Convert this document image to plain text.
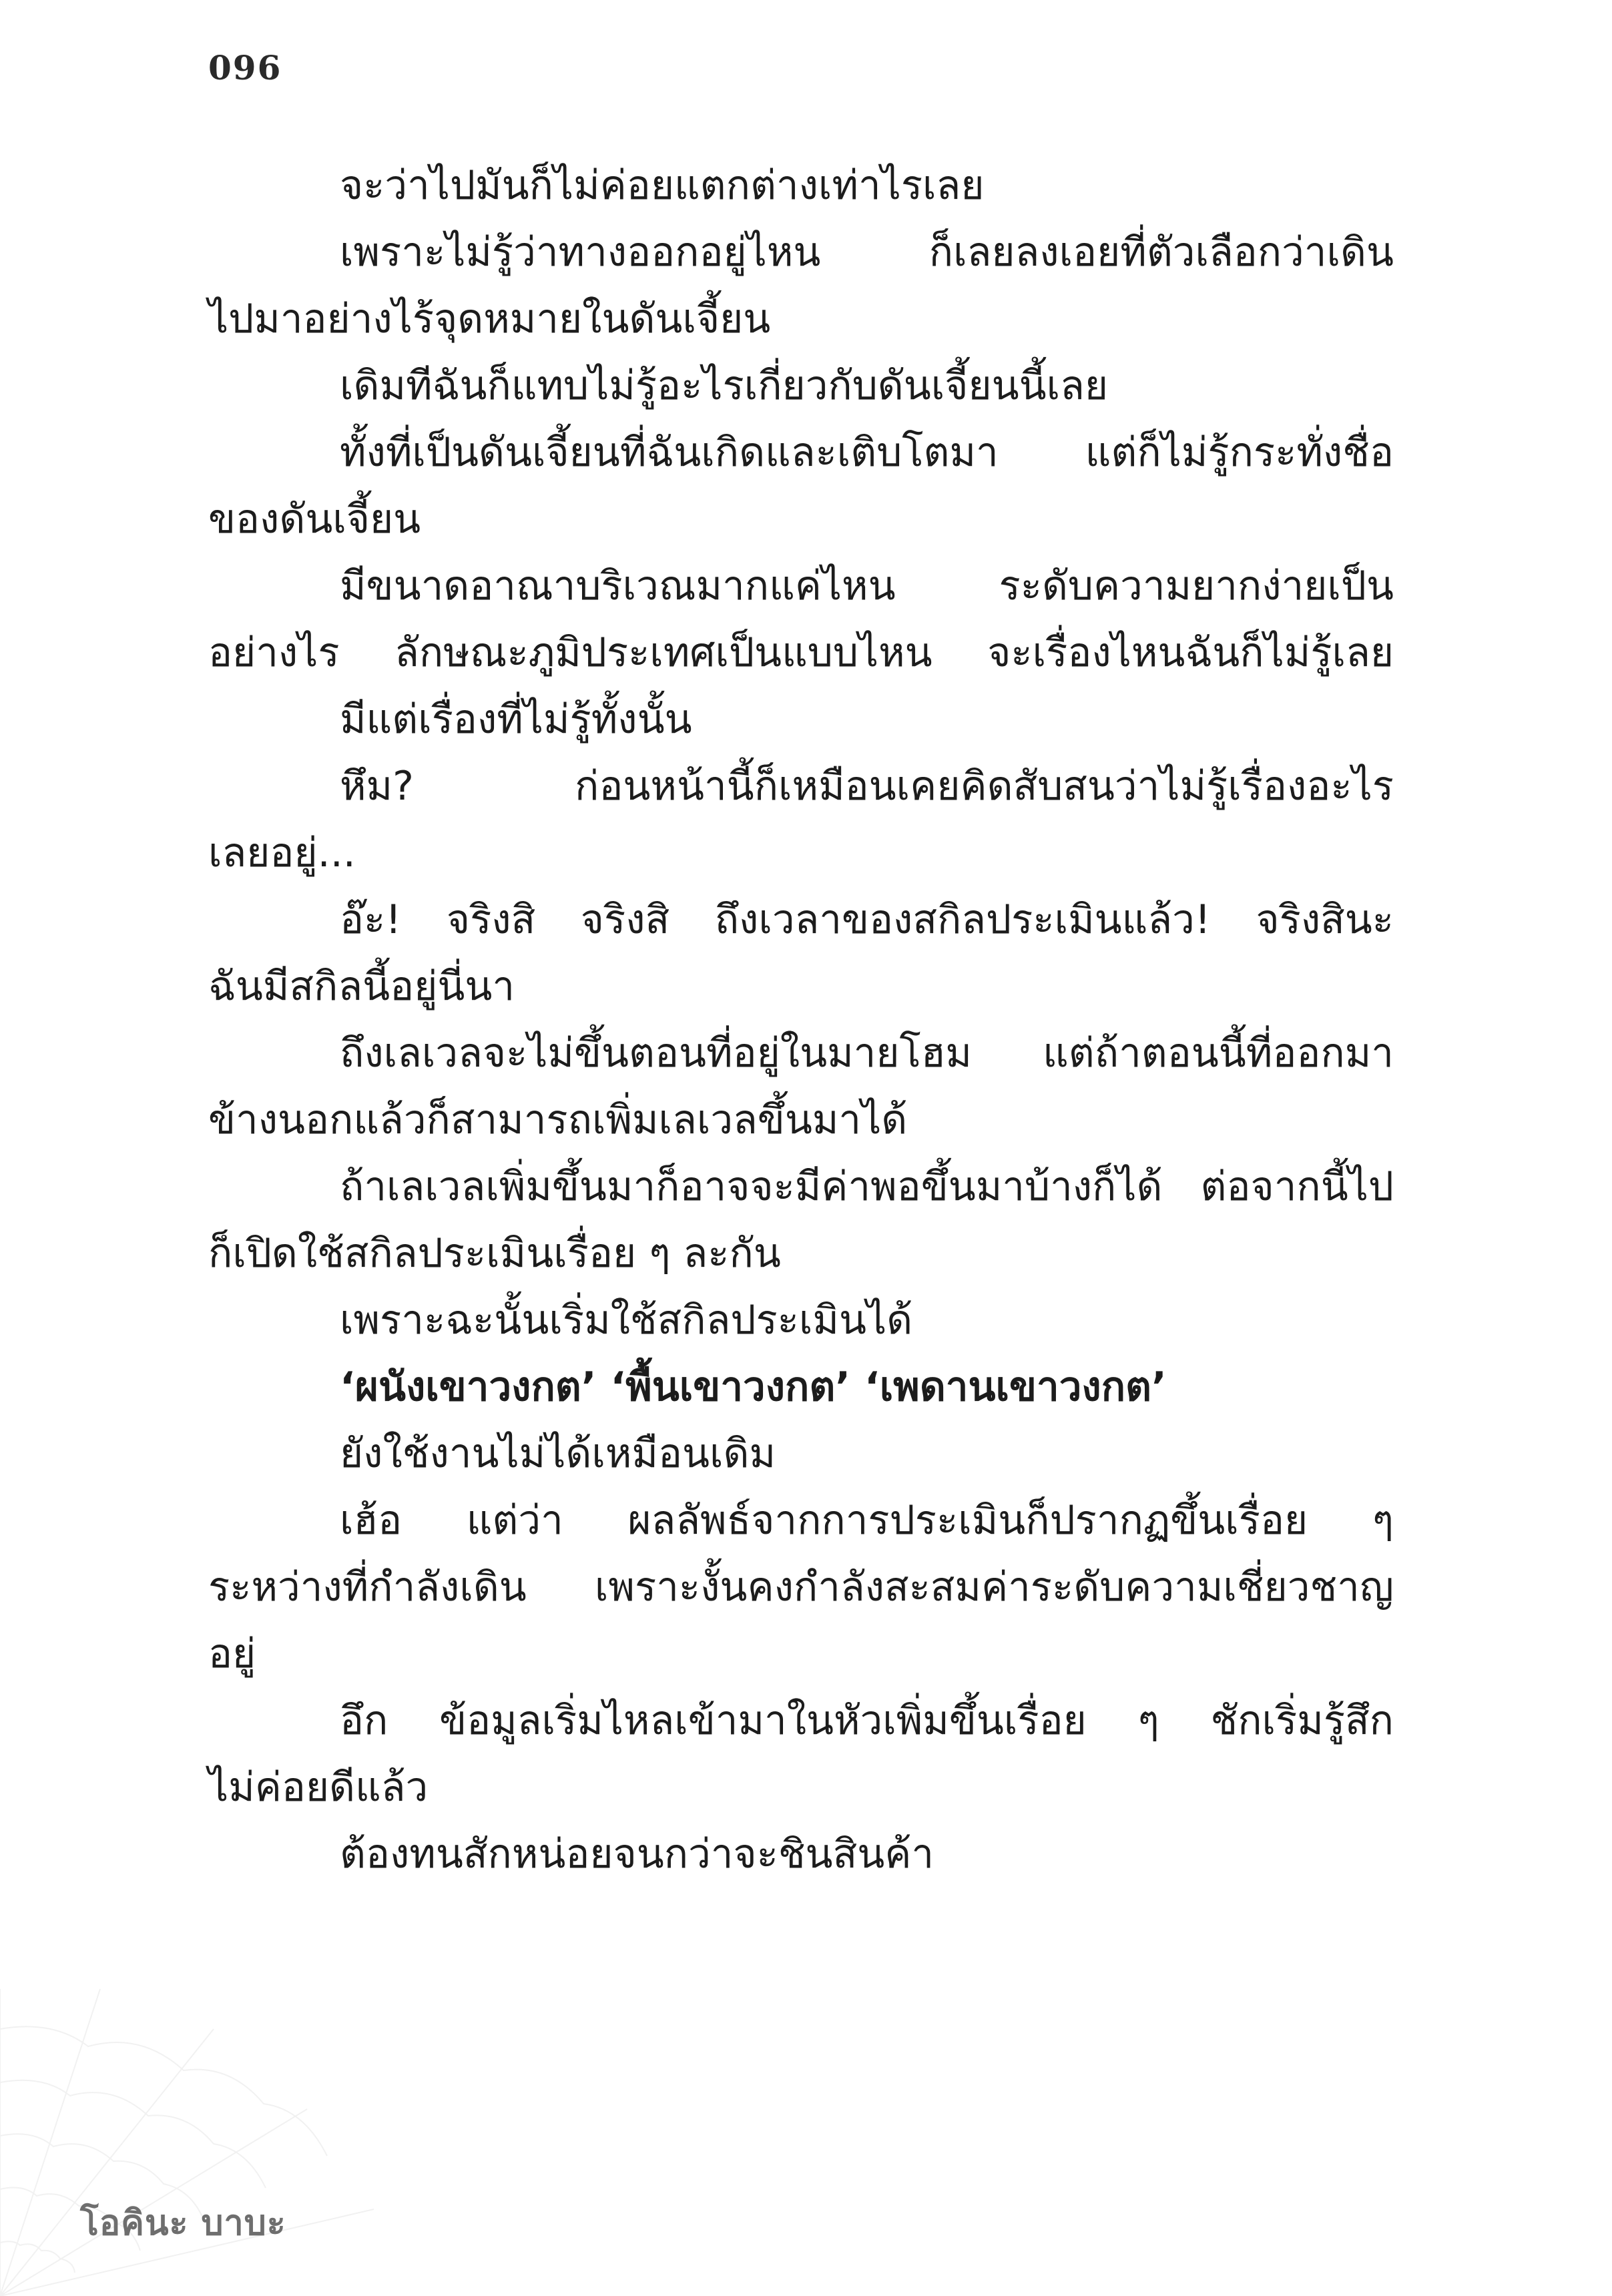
096
จะว่าไปมันก็ไม่ค่อยแตกต่างเท่าไรเลย
เพราะไม่รู้ว่าทางออกอยู่ไหน ก็เลยลงเอยที่ตัวเลือกว่าเดิน
ไปมาอย่างไร้จุดหมายในดันเจี้ยน
เดิมทีฉันก็แทบไม่รู้อะไรเกี่ยวกับดันเจี้ยนนี้เลย
ทั้งที่เป็นดันเจี้ยนที่ฉันเกิดและเติบโตมา แต่ก็ไม่รู้กระทั่งชื่อ
ของดันเจี้ยน
มีขนาดอาณาบริเวณมากแค่ไหน ระดับความยากง่ายเป็น
อย่างไร ลักษณะภูมิประเทศเป็นแบบไหน จะเรื่องไหนฉันก็ไม่รู้เลย
มีแต่เรื่องที่ไม่รู้ทั้งนั้น
หึม? ก่อนหน้านี้ก็เหมือนเคยคิดสับสนว่าไม่รู้เรื่องอะไร
เลยอยู่...
อ๊ะ! จริงสิ จริงสิ ถึงเวลาของสกิลประเมินแล้ว! จริงสินะ
ฉันมีสกิลนี้อยู่นี่นา
ถึงเลเวลจะไม่ขึ้นตอนที่อยู่ในมายโฮม แต่ถ้าตอนนี้ที่ออกมา
ข้างนอกแล้วก็สามารถเพิ่มเลเวลขึ้นมาได้
ถ้าเลเวลเพิ่มขึ้นมาก็อาจจะมีค่าพอขึ้นมาบ้างก็ได้ ต่อจากนี้ไป
ก็เปิดใช้สกิลประเมินเรื่อย ๆ ละกัน
เพราะฉะนั้นเริ่มใช้สกิลประเมินได้
‘ผนังเขาวงกต’ ‘พื้นเขาวงกต’ ‘เพดานเขาวงกต’
ยังใช้งานไม่ได้เหมือนเดิม
เฮ้อ แต่ว่า ผลลัพธ์จากการประเมินก็ปรากฏขึ้นเรื่อย ๆ
ระหว่างที่กำลังเดิน เพราะงั้นคงกำลังสะสมค่าระดับความเชี่ยวชาญ
อยู่
อึก ข้อมูลเริ่มไหลเข้ามาในหัวเพิ่มขึ้นเรื่อย ๆ ชักเริ่มรู้สึก
ไม่ค่อยดีแล้ว
ต้องทนสักหน่อยจนกว่าจะชินสินค้า
โอคินะ บาบะ
